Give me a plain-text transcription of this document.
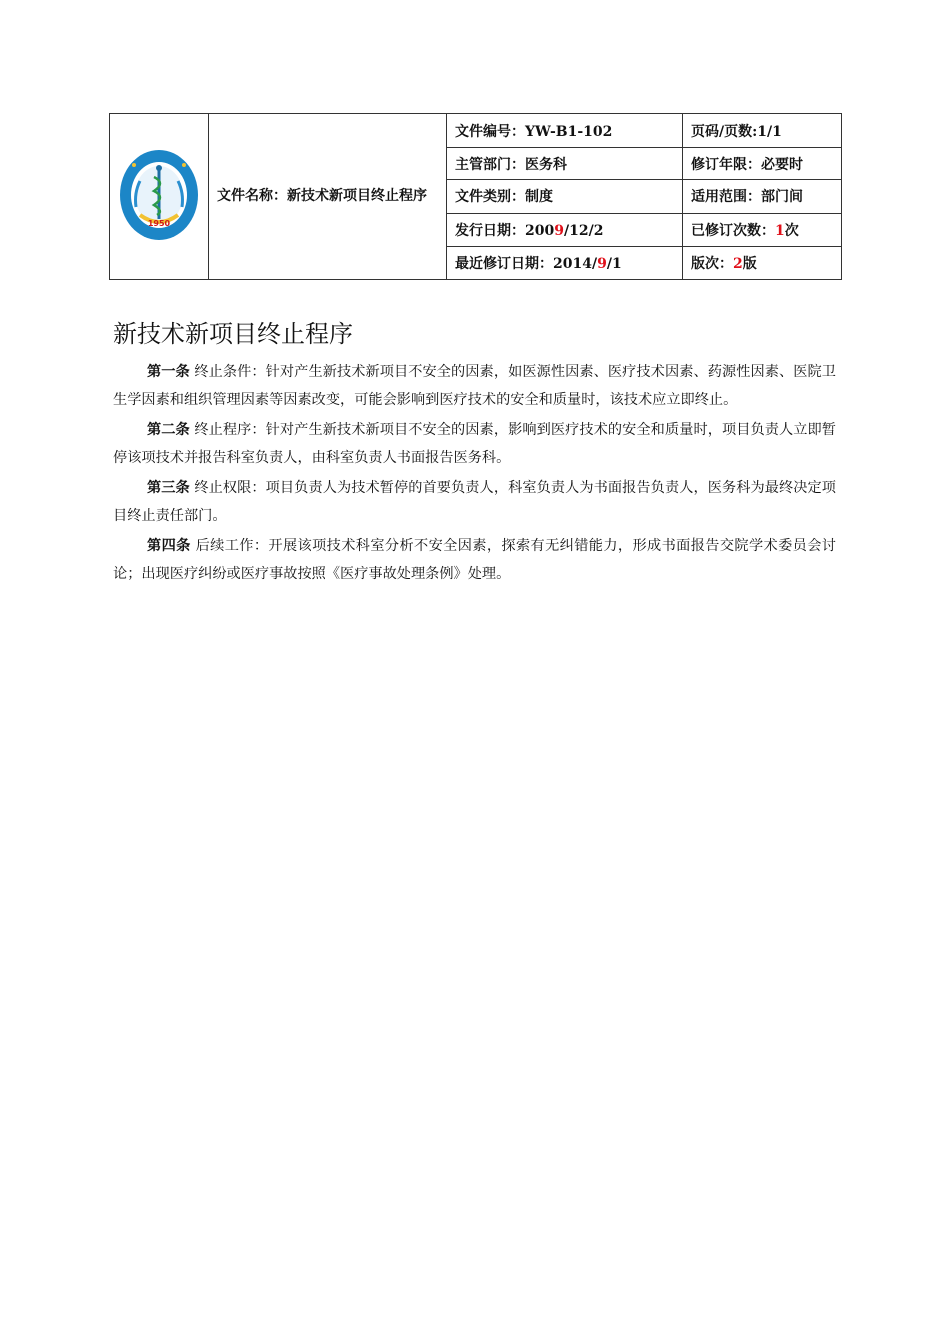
1950	文件名称：新技术新项目终止程序	文件编号：YW-B1-102	页码/页数:1/1
		主管部门：医务科	修订年限：必要时
		文件类别：制度	适用范围：部门间
		发行日期：2009/12/2	已修订次数：1次
		最近修订日期：2014/9/1	版次：2版
新技术新项目终止程序

第一条 终止条件：针对产生新技术新项目不安全的因素，如医源性因素、医疗技术因素、药源性因素、医院卫生学因素和组织管理因素等因素改变，可能会影响到医疗技术的安全和质量时，该技术应立即终止。

第二条 终止程序：针对产生新技术新项目不安全的因素，影响到医疗技术的安全和质量时，项目负责人立即暂停该项技术并报告科室负责人，由科室负责人书面报告医务科。

第三条 终止权限：项目负责人为技术暂停的首要负责人，科室负责人为书面报告负责人，医务科为最终决定项目终止责任部门。

第四条 后续工作：开展该项技术科室分析不安全因素，探索有无纠错能力，形成书面报告交院学术委员会讨论；出现医疗纠纷或医疗事故按照《医疗事故处理条例》处理。
